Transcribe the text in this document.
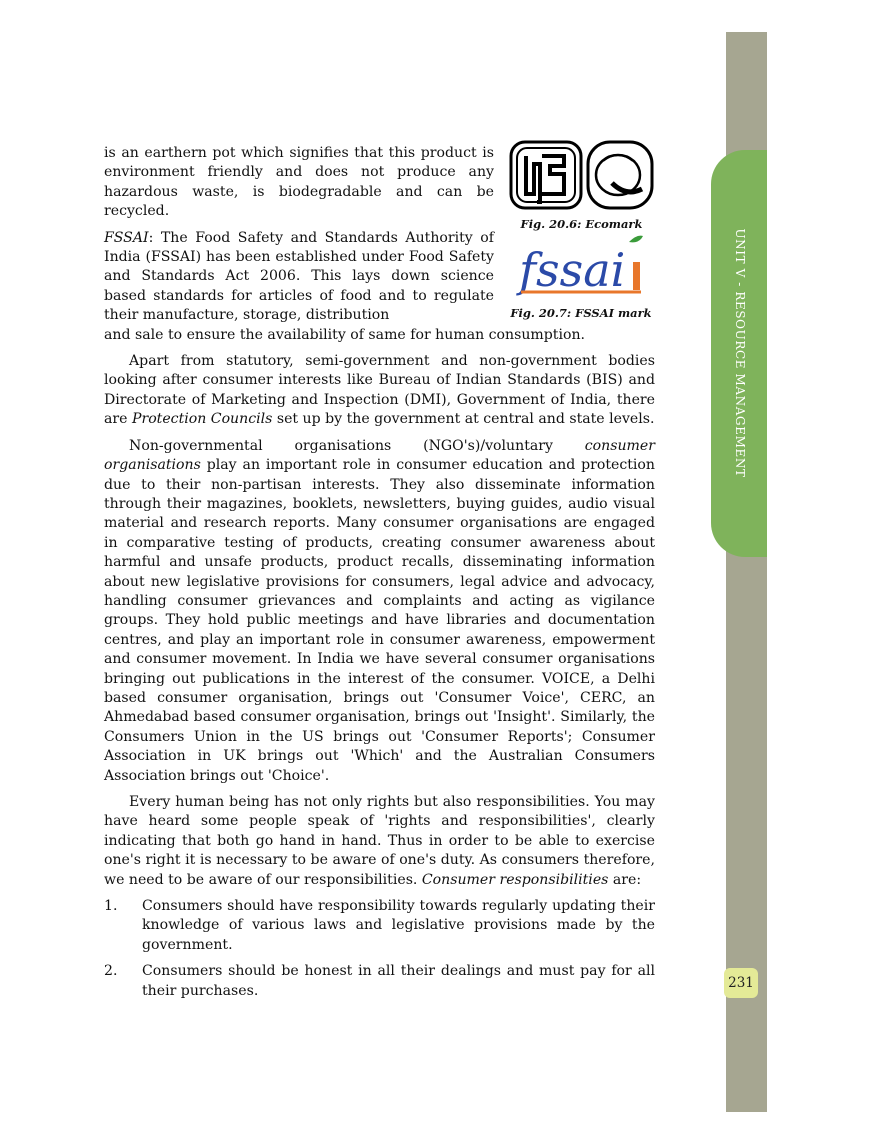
UNIT V - RESOURCE MANAGEMENT
231
Fig. 20.6: Ecomark
fssai
Fig. 20.7: FSSAI mark

is an earthern pot which signifies that this product is environment friendly and does not produce any hazardous waste, is biodegradable and can be recycled.

FSSAI: The Food Safety and Standards Authority of India (FSSAI) has been established under Food Safety and Standards Act 2006. This lays down science based standards for articles of food and to regulate their manufacture, storage, distribution
and sale to ensure the availability of same for human consumption.

Apart from statutory, semi-government and non-government bodies looking after consumer interests like Bureau of Indian Standards (BIS) and Directorate of Marketing and Inspection (DMI), Government of India, there are Protection Councils set up by the government at central and state levels.

Non-governmental organisations (NGO's)/voluntary consumer organisations play an important role in consumer education and protection due to their non-partisan interests. They also disseminate information through their magazines, booklets, newsletters, buying guides, audio visual material and research reports. Many consumer organisations are engaged in comparative testing of products, creating consumer awareness about harmful and unsafe products, product recalls, disseminating information about new legislative provisions for consumers, legal advice and advocacy, handling consumer grievances and complaints and acting as vigilance groups. They hold public meetings and have libraries and documentation centres, and play an important role in consumer awareness, empowerment and consumer movement. In India we have several consumer organisations bringing out publications in the interest of the consumer. VOICE, a Delhi based consumer organisation, brings out 'Consumer Voice', CERC, an Ahmedabad based consumer organisation, brings out 'Insight'. Similarly, the Consumers Union in the US brings out 'Consumer Reports'; Consumer Association in UK brings out 'Which' and the Australian Consumers Association brings out 'Choice'.

Every human being has not only rights but also responsibilities. You may have heard some people speak of 'rights and responsibilities', clearly indicating that both go hand in hand. Thus in order to be able to exercise one's right it is necessary to be aware of one's duty. As consumers therefore, we need to be aware of our responsibilities. Consumer responsibilities are:

1. Consumers should have responsibility towards regularly updating their knowledge of various laws and legislative provisions made by the government.
2. Consumers should be honest in all their dealings and must pay for all their purchases.
